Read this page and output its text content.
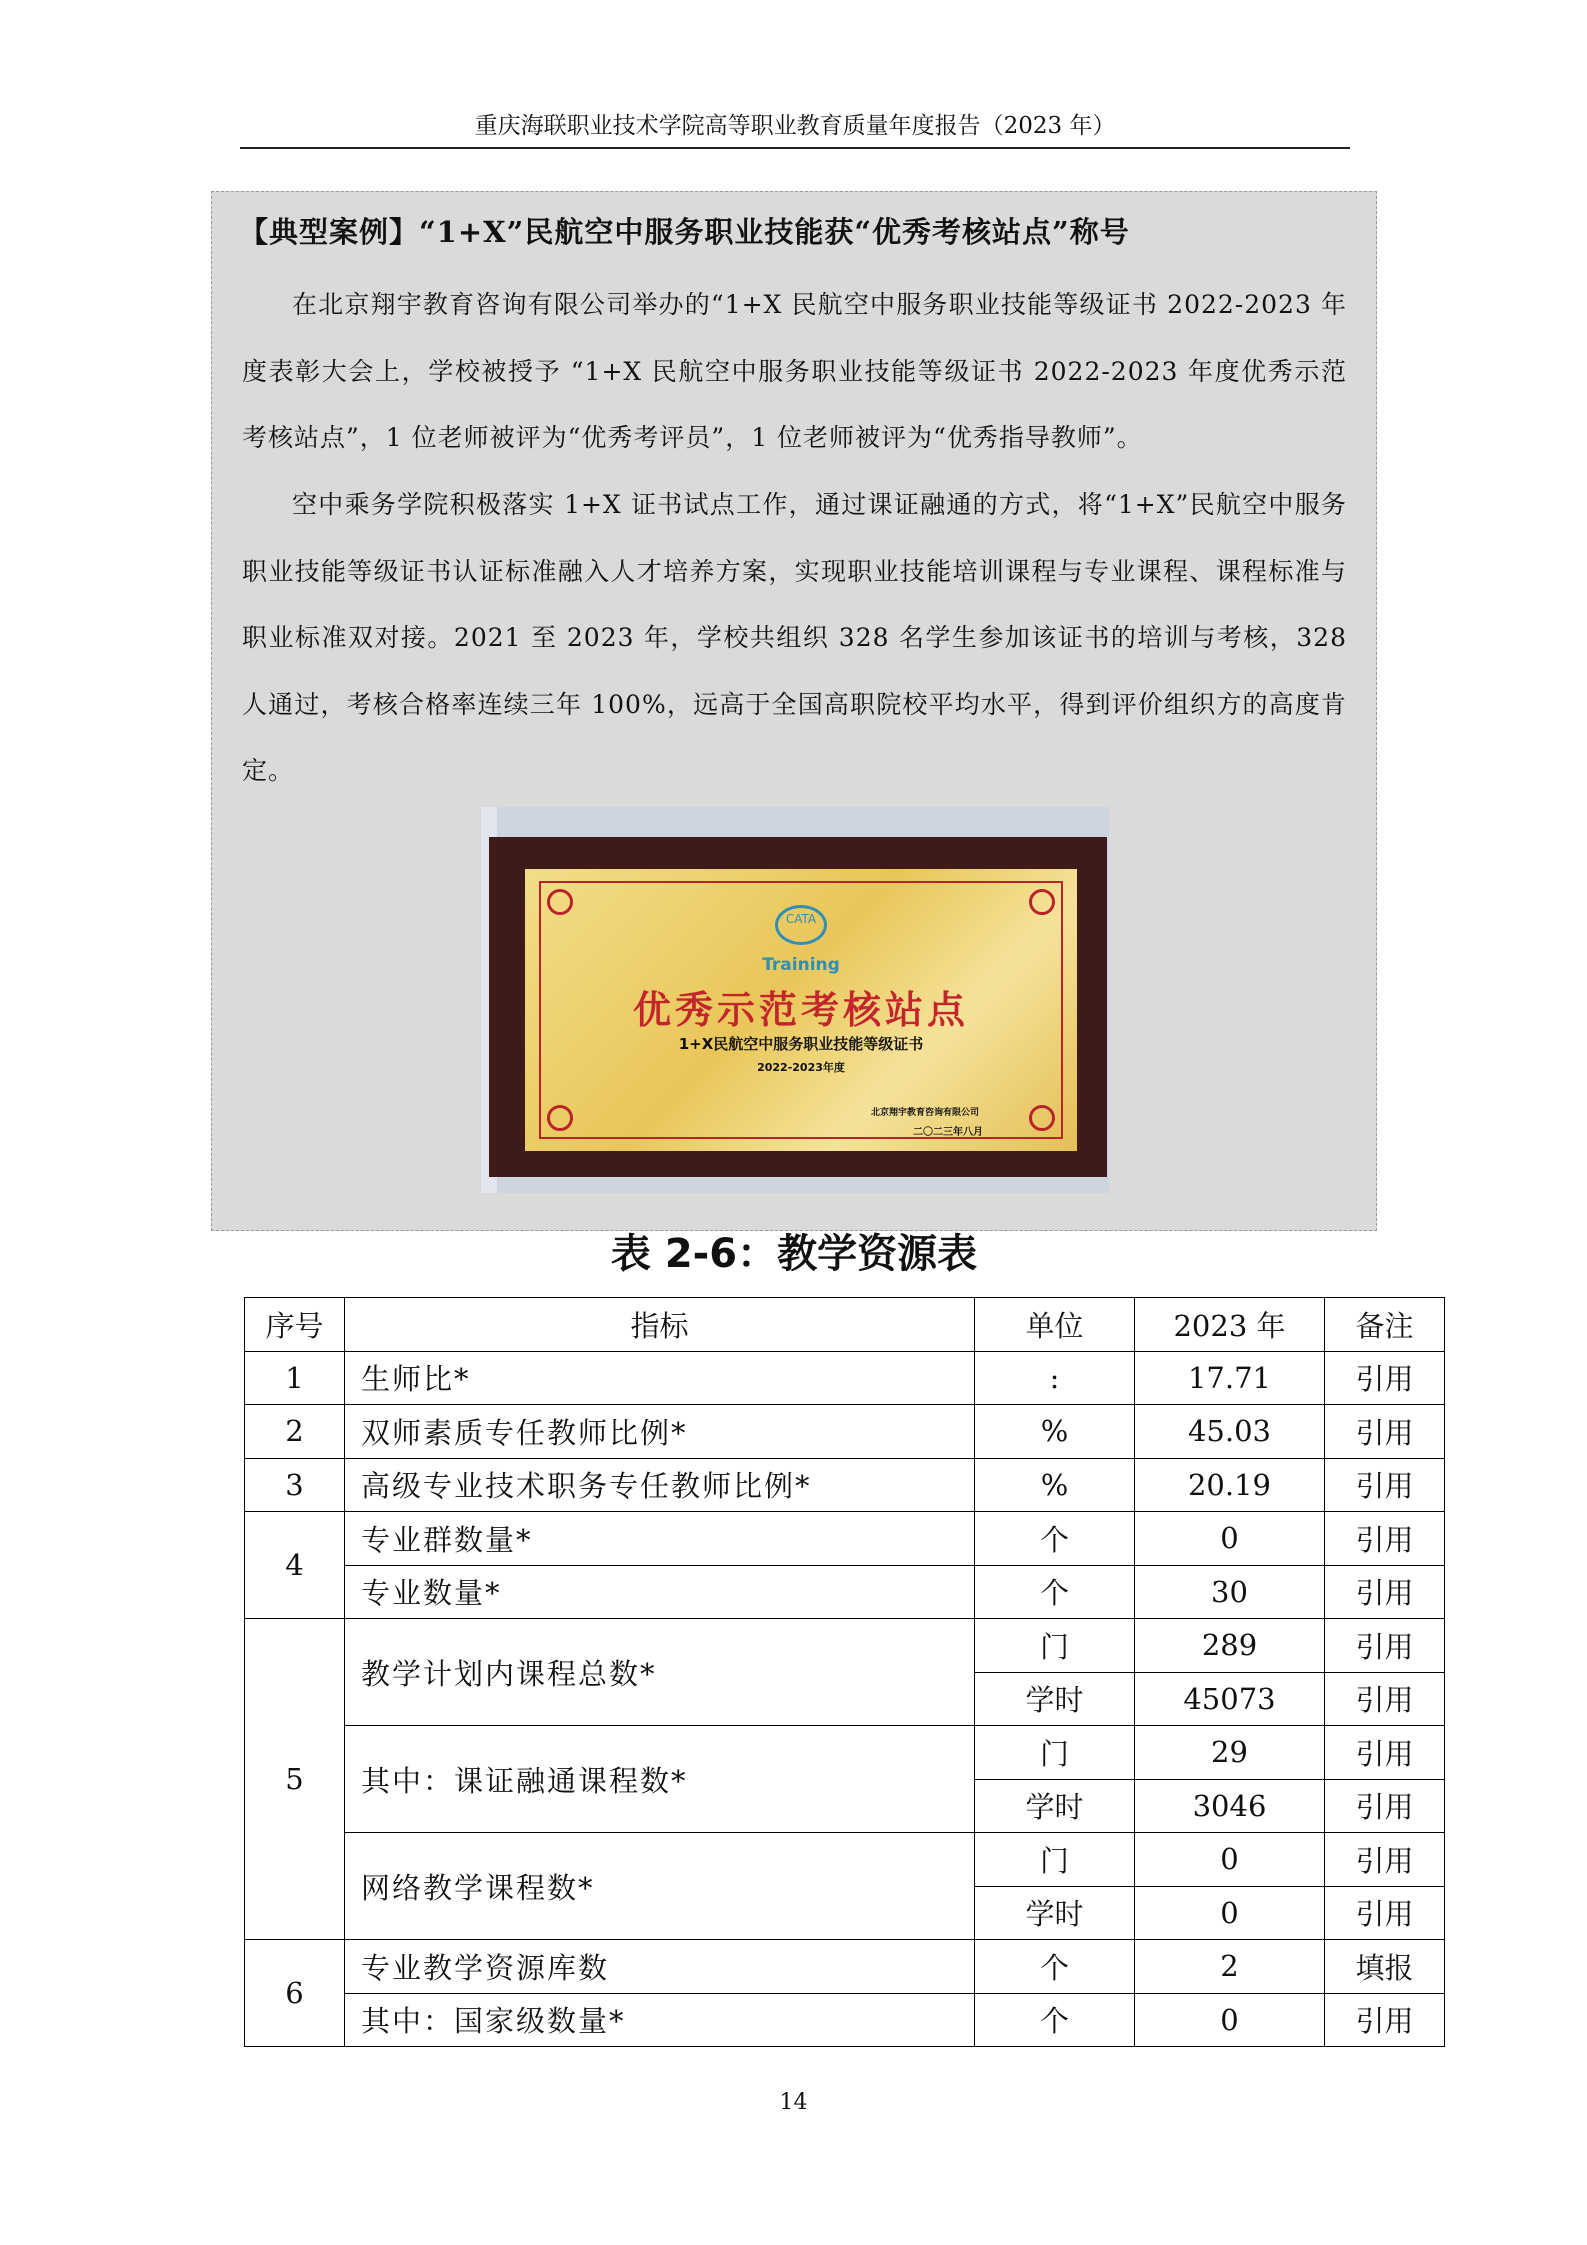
重庆海联职业技术学院高等职业教育质量年度报告（2023 年）
【典型案例】“1+X”民航空中服务职业技能获“优秀考核站点”称号
在北京翔宇教育咨询有限公司举办的“1+X 民航空中服务职业技能等级证书 2022-2023 年度表彰大会上，学校被授予 “1+X 民航空中服务职业技能等级证书 2022-2023 年度优秀示范考核站点”，1 位老师被评为“优秀考评员”，1 位老师被评为“优秀指导教师”。
空中乘务学院积极落实 1+X 证书试点工作，通过课证融通的方式，将“1+X”民航空中服务职业技能等级证书认证标准融入人才培养方案，实现职业技能培训课程与专业课程、课程标准与职业标准双对接。2021 至 2023 年，学校共组织 328 名学生参加该证书的培训与考核，328 人通过，考核合格率连续三年 100%，远高于全国高职院校平均水平，得到评价组织方的高度肯定。
CATA
Training
优秀示范考核站点
1+X民航空中服务职业技能等级证书
2022-2023年度
北京翔宇教育咨询有限公司
二〇二三年八月
表 2-6：教学资源表
序号	指标	单位	2023 年	备注
1	生师比*	:	17.71	引用
2	双师素质专任教师比例*	%	45.03	引用
3	高级专业技术职务专任教师比例*	%	20.19	引用
4	专业群数量*	个	0	引用
	专业数量*	个	30	引用
5	教学计划内课程总数*	门	289	引用
		学时	45073	引用
	其中：课证融通课程数*	门	29	引用
		学时	3046	引用
	网络教学课程数*	门	0	引用
		学时	0	引用
6	专业教学资源库数	个	2	填报
	其中：国家级数量*	个	0	引用
14
